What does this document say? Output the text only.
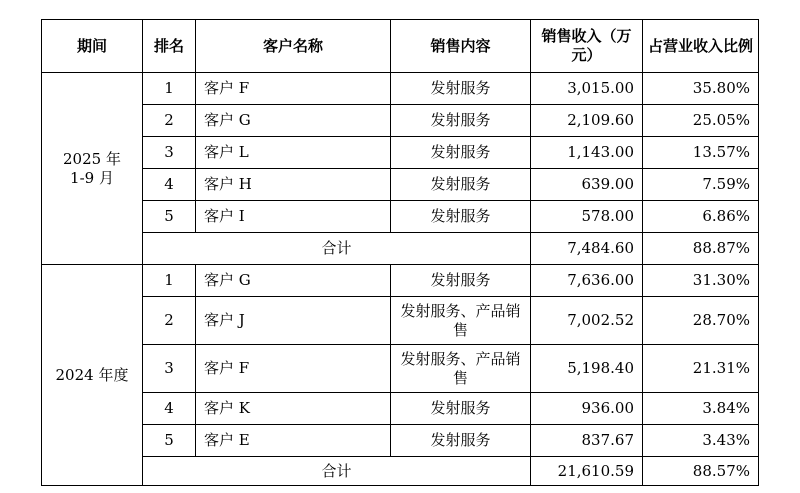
期间	排名	客户名称	销售内容	销售收入（万元）	占营业收入比例
2025 年 1-9 月	1	客户 F	发射服务	3,015.00	35.80%
	2	客户 G	发射服务	2,109.60	25.05%
	3	客户 L	发射服务	1,143.00	13.57%
	4	客户 H	发射服务	639.00	7.59%
	5	客户 I	发射服务	578.00	6.86%
	合计			7,484.60	88.87%
2024 年度	1	客户 G	发射服务	7,636.00	31.30%
	2	客户 J	发射服务、产品销售	7,002.52	28.70%
	3	客户 F	发射服务、产品销售	5,198.40	21.31%
	4	客户 K	发射服务	936.00	3.84%
	5	客户 E	发射服务	837.67	3.43%
	合计			21,610.59	88.57%
